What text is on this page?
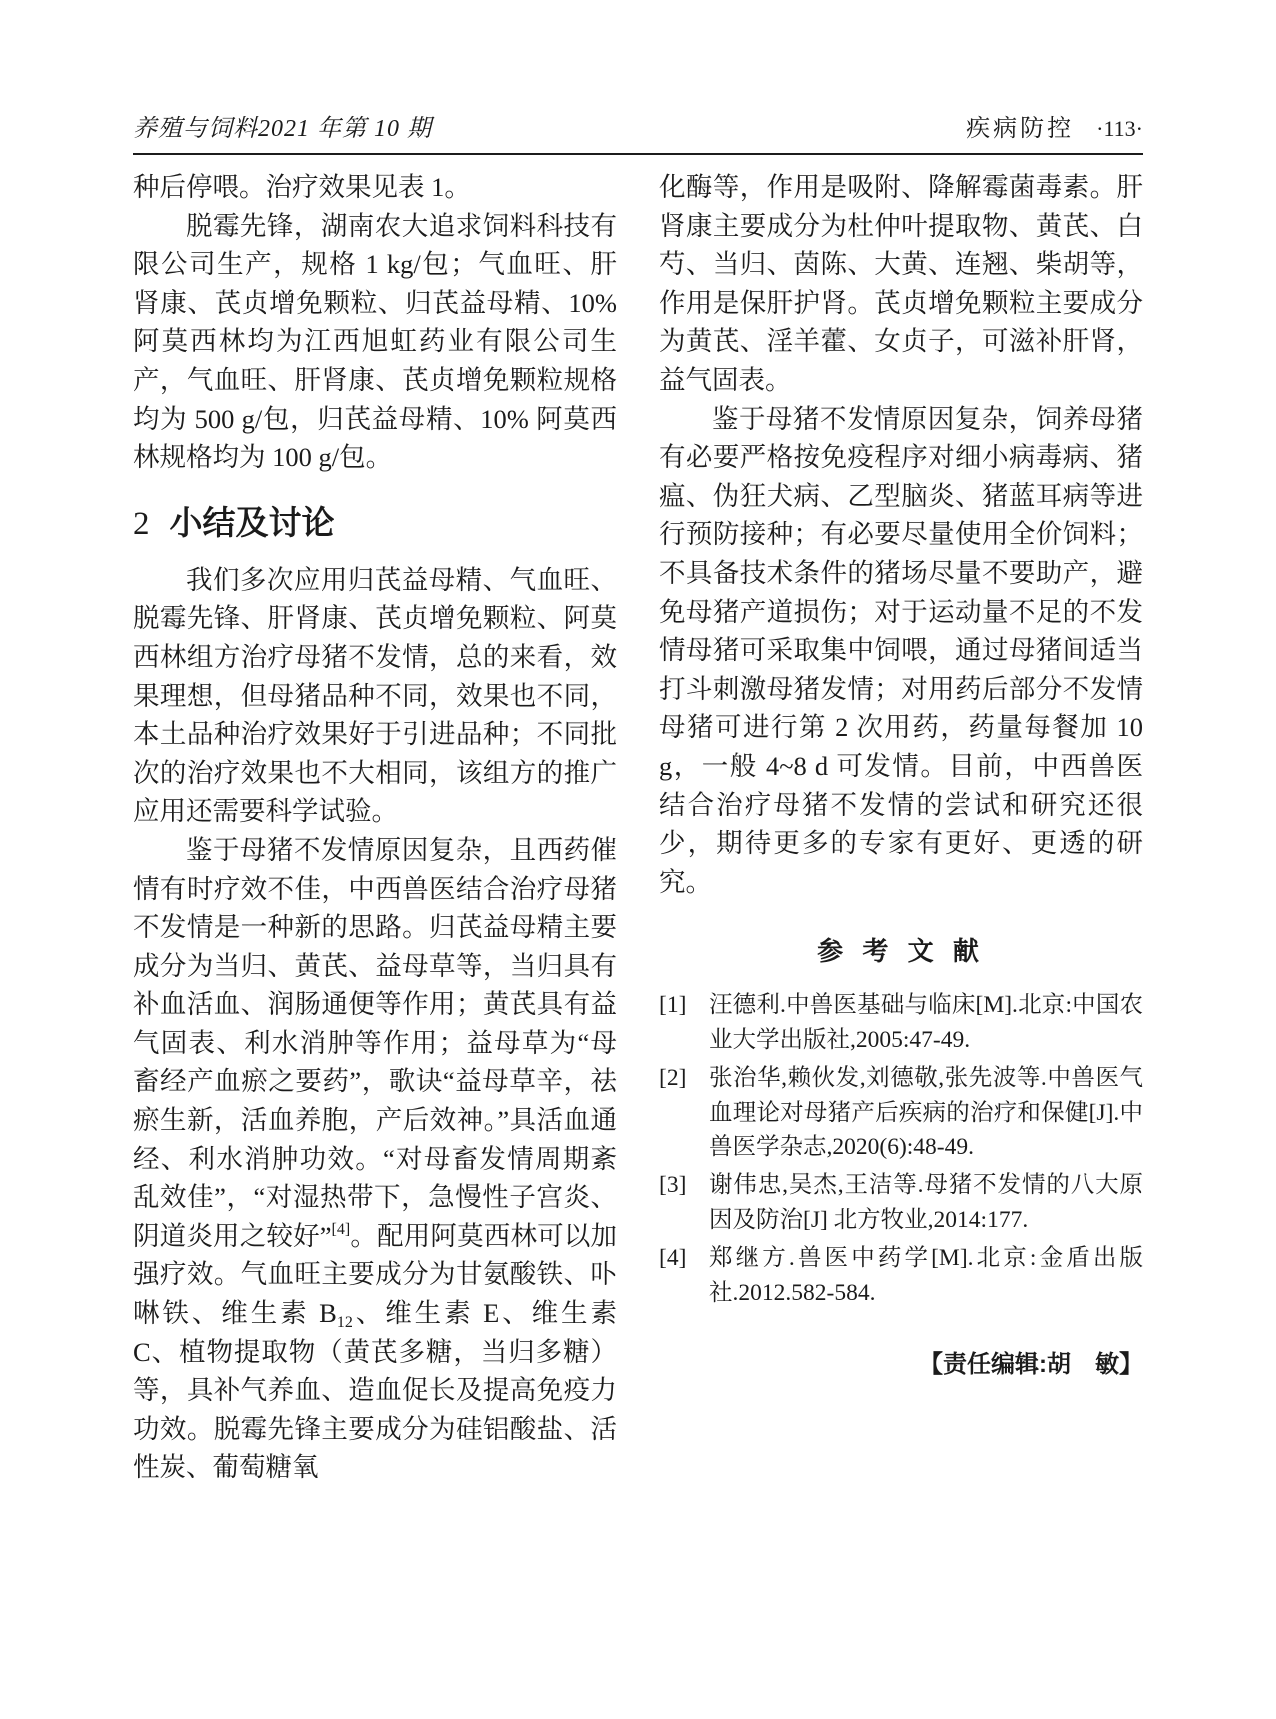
养殖与饲料2021 年第 10 期	疾病防控 ·113·

种后停喂。治疗效果见表 1。

脱霉先锋，湖南农大追求饲料科技有限公司生产，规格 1 kg/包；气血旺、肝肾康、芪贞增免颗粒、归芪益母精、10% 阿莫西林均为江西旭虹药业有限公司生产，气血旺、肝肾康、芪贞增免颗粒规格均为 500 g/包，归芪益母精、10% 阿莫西林规格均为 100 g/包。

2 小结及讨论

我们多次应用归芪益母精、气血旺、脱霉先锋、肝肾康、芪贞增免颗粒、阿莫西林组方治疗母猪不发情，总的来看，效果理想，但母猪品种不同，效果也不同，本土品种治疗效果好于引进品种；不同批次的治疗效果也不大相同，该组方的推广应用还需要科学试验。

鉴于母猪不发情原因复杂，且西药催情有时疗效不佳，中西兽医结合治疗母猪不发情是一种新的思路。归芪益母精主要成分为当归、黄芪、益母草等，当归具有补血活血、润肠通便等作用；黄芪具有益气固表、利水消肿等作用；益母草为“母畜经产血瘀之要药”，歌诀“益母草辛，祛瘀生新，活血养胞，产后效神。”具活血通经、利水消肿功效。“对母畜发情周期紊乱效佳”，“对湿热带下，急慢性子宫炎、阴道炎用之较好”[4]。配用阿莫西林可以加强疗效。气血旺主要成分为甘氨酸铁、卟啉铁、维生素 $B_{12}$、维生素 E、维生素 C、植物提取物（黄芪多糖，当归多糖）等，具补气养血、造血促长及提高免疫力功效。脱霉先锋主要成分为硅铝酸盐、活性炭、葡萄糖氧

化酶等，作用是吸附、降解霉菌毒素。肝肾康主要成分为杜仲叶提取物、黄芪、白芍、当归、茵陈、大黄、连翘、柴胡等，作用是保肝护肾。芪贞增免颗粒主要成分为黄芪、淫羊藿、女贞子，可滋补肝肾，益气固表。

鉴于母猪不发情原因复杂，饲养母猪有必要严格按免疫程序对细小病毒病、猪瘟、伪狂犬病、乙型脑炎、猪蓝耳病等进行预防接种；有必要尽量使用全价饲料；不具备技术条件的猪场尽量不要助产，避免母猪产道损伤；对于运动量不足的不发情母猪可采取集中饲喂，通过母猪间适当打斗刺激母猪发情；对用药后部分不发情母猪可进行第 2 次用药，药量每餐加 10 g，一般 4~8 d 可发情。目前，中西兽医结合治疗母猪不发情的尝试和研究还很少，期待更多的专家有更好、更透的研究。

参 考 文 献
[1] 汪德利.中兽医基础与临床[M].北京:中国农业大学出版社,2005:47-49.
[2] 张治华,赖伙发,刘德敬,张先波等.中兽医气血理论对母猪产后疾病的治疗和保健[J].中兽医学杂志,2020(6):48-49.
[3] 谢伟忠,吴杰,王洁等.母猪不发情的八大原因及防治[J] 北方牧业,2014:177.
[4] 郑继方.兽医中药学[M].北京:金盾出版社.2012.582-584.

【责任编辑:胡　敏】
